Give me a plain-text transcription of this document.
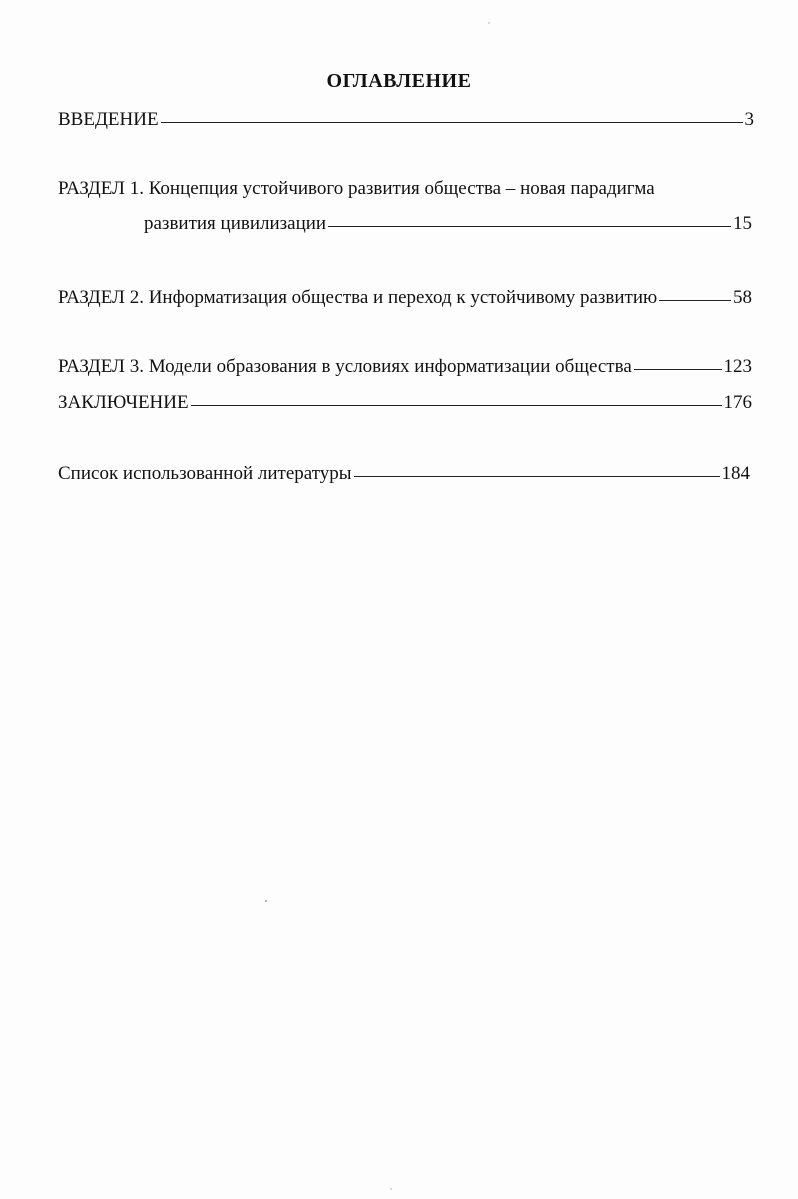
ОГЛАВЛЕНИЕ
ВВЕДЕНИЕ	3
РАЗДЕЛ 1. Концепция устойчивого развития общества – новая парадигма
развития цивилизации	15
РАЗДЕЛ 2. Информатизация общества и переход к устойчивому развитию	58
РАЗДЕЛ 3. Модели образования в условиях информатизации общества	123
ЗАКЛЮЧЕНИЕ	176
Список использованной литературы	184
